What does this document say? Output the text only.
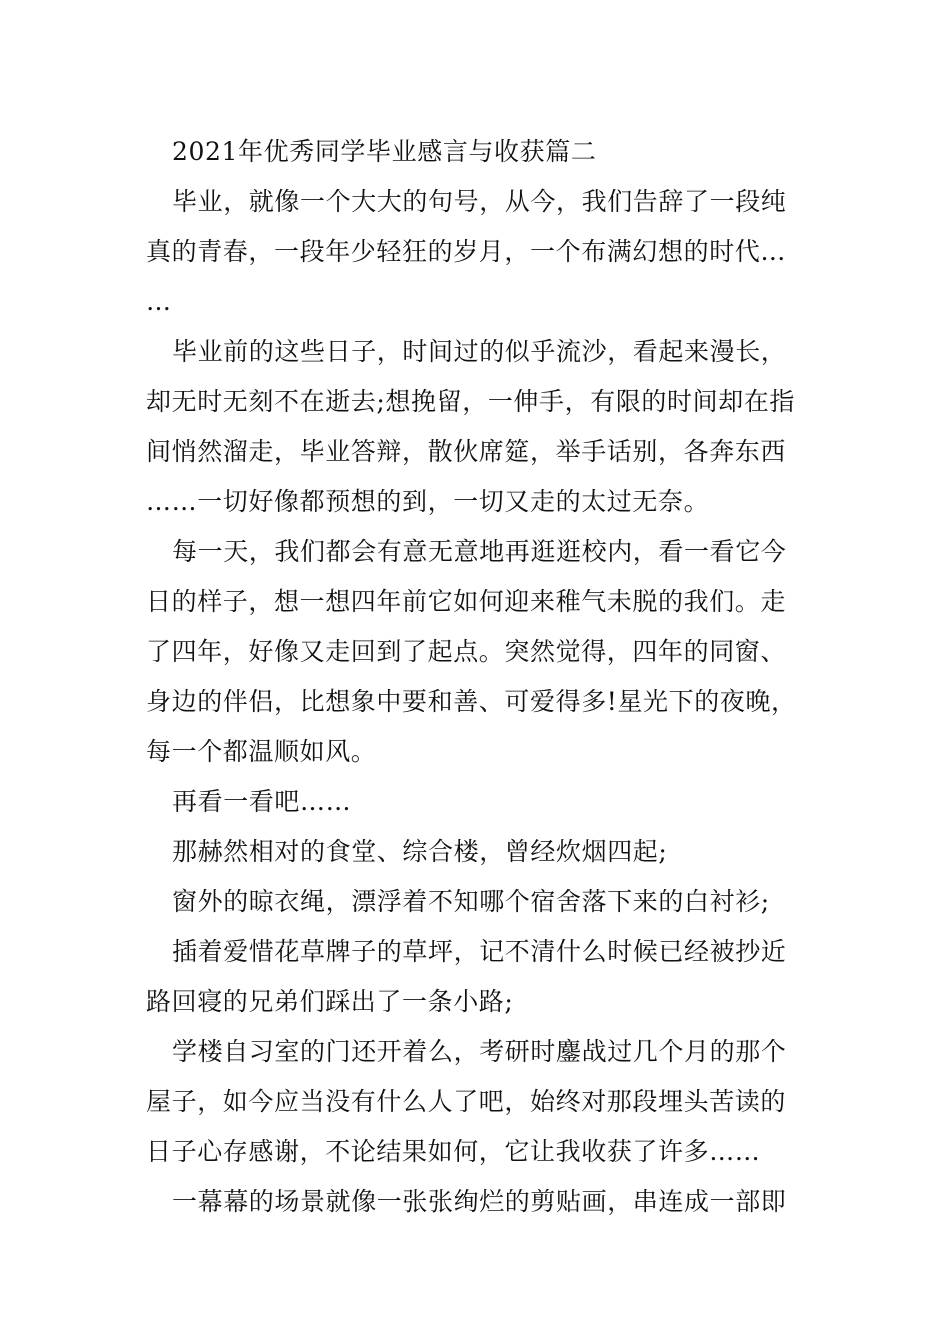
2021年优秀同学毕业感言与收获篇二
毕业，就像一个大大的句号，从今，我们告辞了一段纯
真的青春，一段年少轻狂的岁月，一个布满幻想的时代…
…
毕业前的这些日子，时间过的似乎流沙，看起来漫长，
却无时无刻不在逝去;想挽留，一伸手，有限的时间却在指
间悄然溜走，毕业答辩，散伙席筵，举手话别，各奔东西
……一切好像都预想的到，一切又走的太过无奈。
每一天，我们都会有意无意地再逛逛校内，看一看它今
日的样子，想一想四年前它如何迎来稚气未脱的我们。走
了四年，好像又走回到了起点。突然觉得，四年的同窗、
身边的伴侣，比想象中要和善、可爱得多!星光下的夜晚，
每一个都温顺如风。
再看一看吧……
那赫然相对的食堂、综合楼，曾经炊烟四起;
窗外的晾衣绳，漂浮着不知哪个宿舍落下来的白衬衫;
插着爱惜花草牌子的草坪，记不清什么时候已经被抄近
路回寝的兄弟们踩出了一条小路;
学楼自习室的门还开着么，考研时鏖战过几个月的那个
屋子，如今应当没有什么人了吧，始终对那段埋头苦读的
日子心存感谢，不论结果如何，它让我收获了许多……
一幕幕的场景就像一张张绚烂的剪贴画，串连成一部即
